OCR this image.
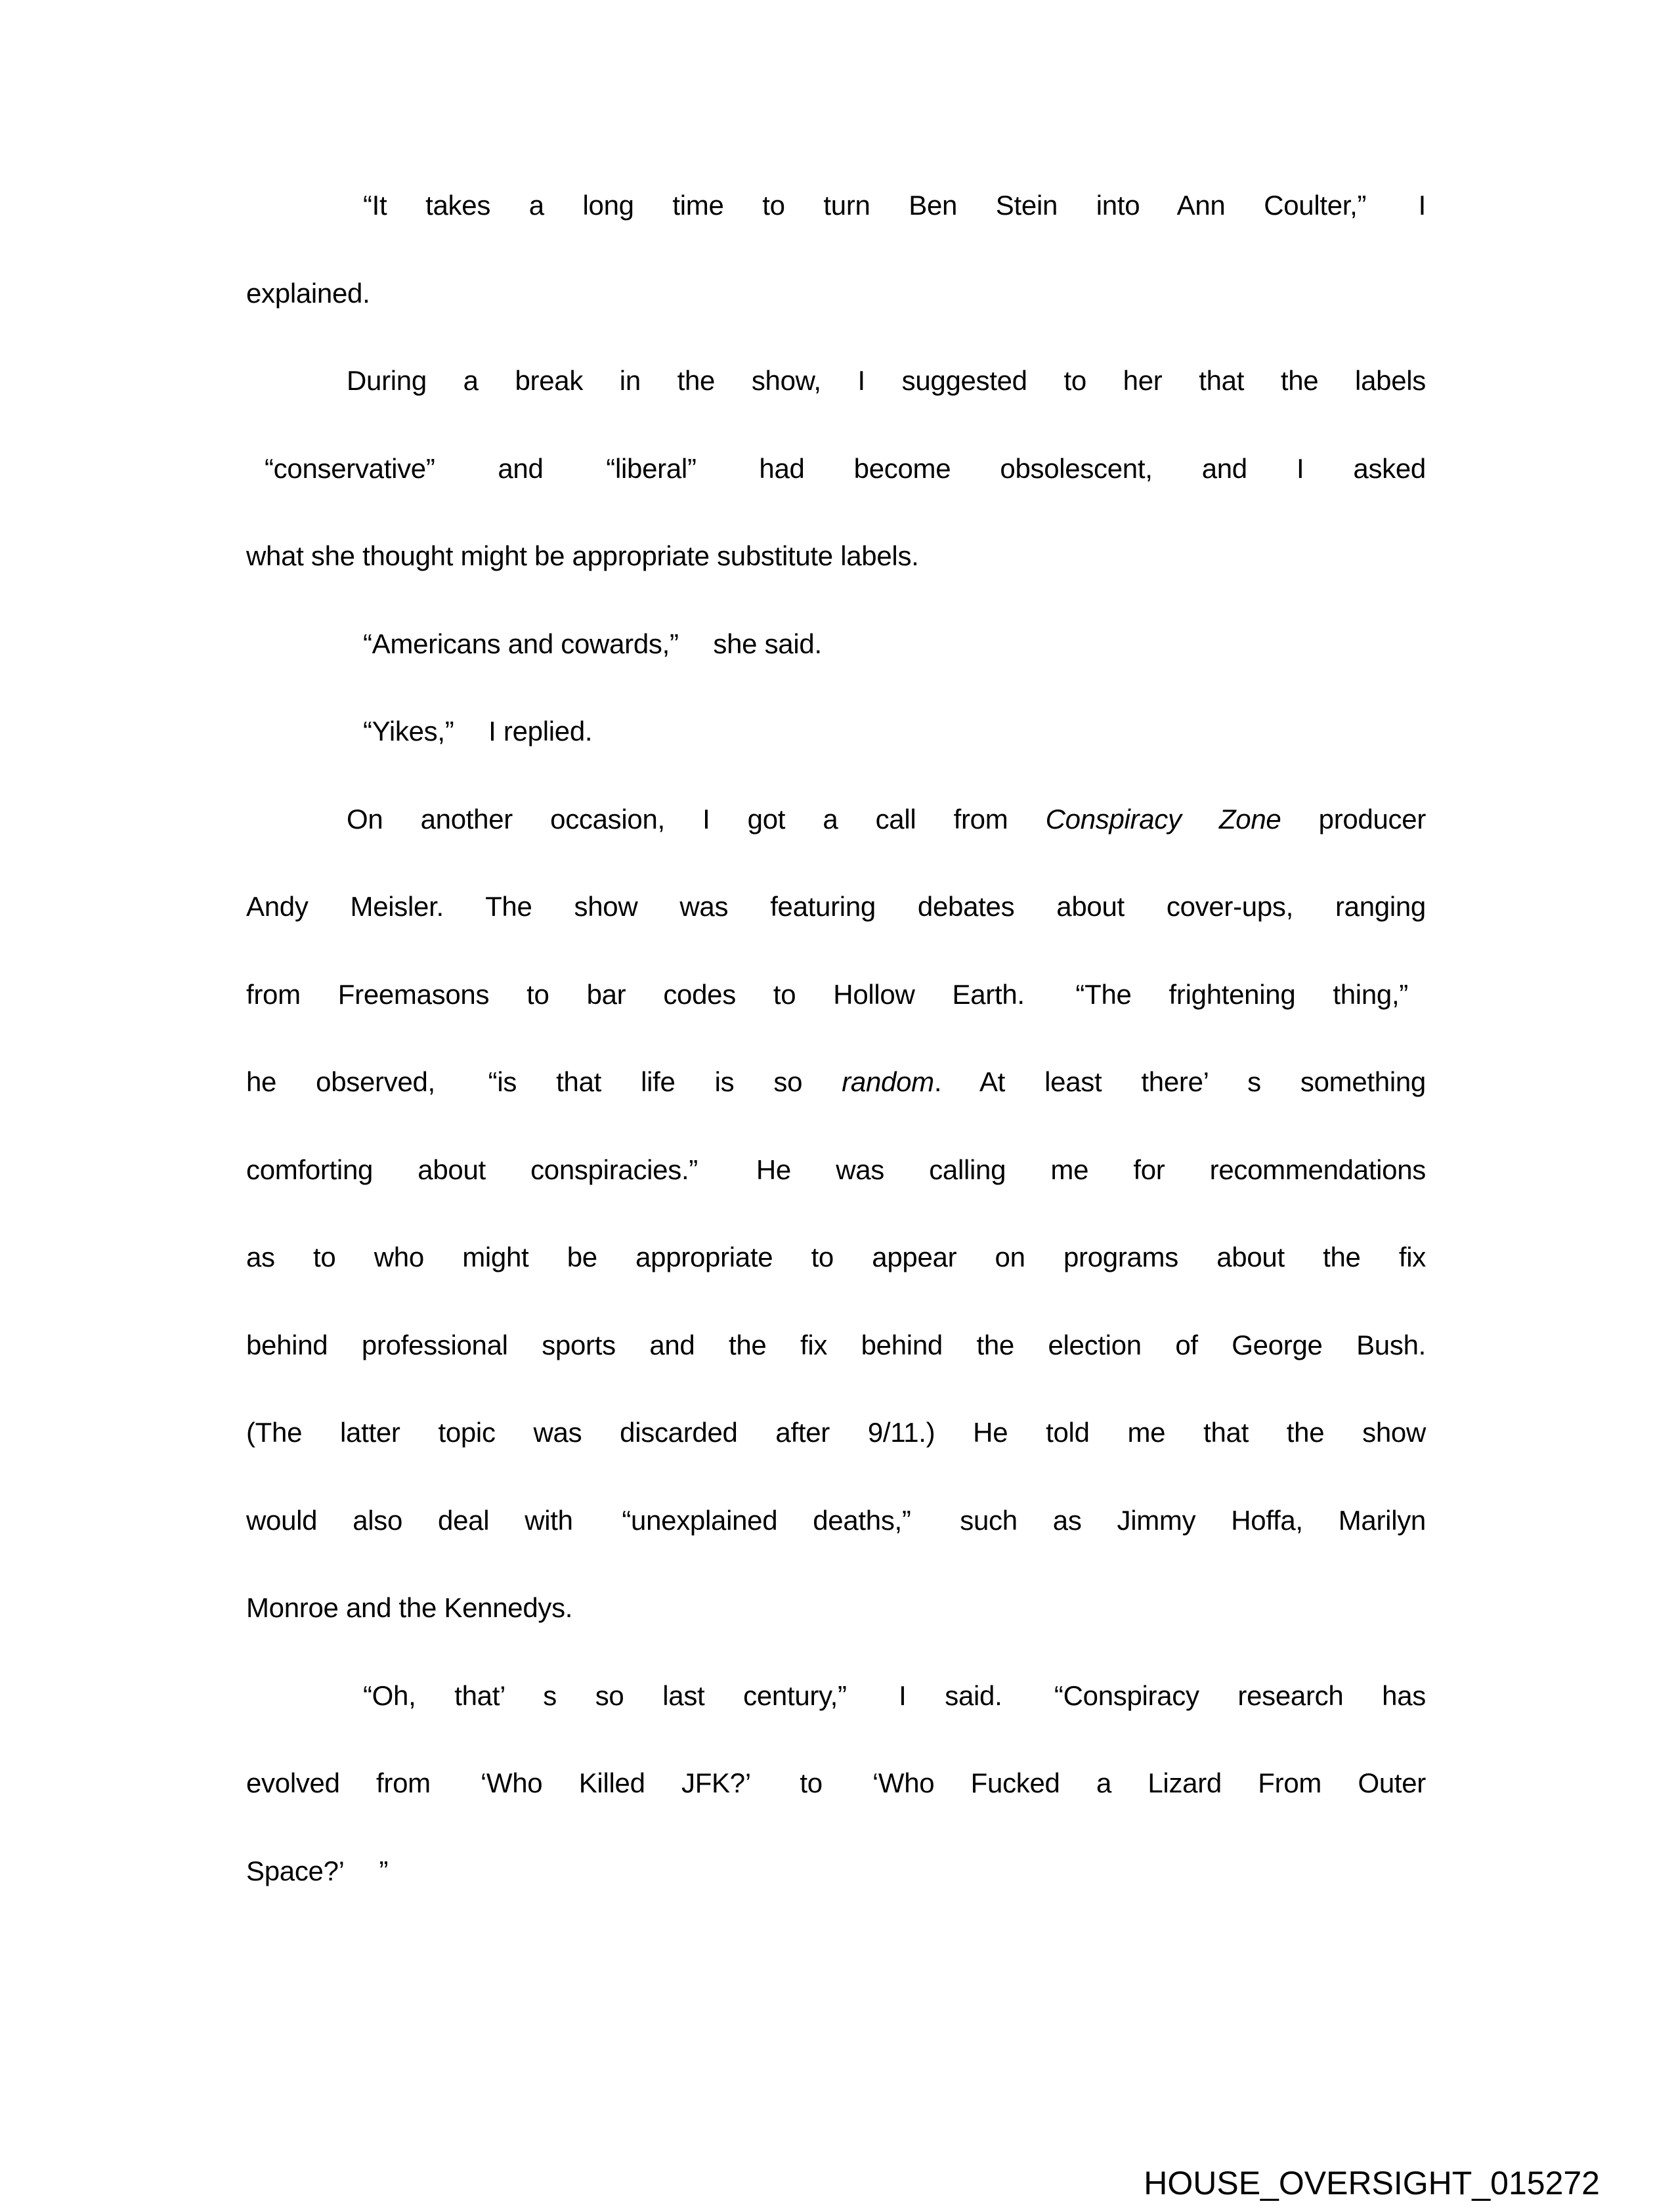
“It takes a long time to turn Ben Stein into Ann Coulter,”  I
explained.
During a break in the show, I suggested to her that the labels
“conservative”  and  “liberal”  had become obsolescent, and I asked
what she thought might be appropriate substitute labels.
“Americans and cowards,”   she said.
“Yikes,”   I replied.
On another occasion, I got a call from Conspiracy Zone producer
Andy Meisler. The show was featuring debates about cover-ups, ranging
from Freemasons to bar codes to Hollow Earth.  “The frightening thing,”
he observed,  “is that life is so random. At least there’ s something
comforting about conspiracies.”  He was calling me for recommendations
as to who might be appropriate to appear on programs about the fix
behind professional sports and the fix behind the election of George Bush.
(The latter topic was discarded after 9/11.) He told me that the show
would also deal with  “unexplained deaths,”  such as Jimmy Hoffa, Marilyn
Monroe and the Kennedys.
“Oh, that’ s so last century,”  I said.  “Conspiracy research has
evolved from  ‘Who Killed JFK?’  to  ‘Who Fucked a Lizard From Outer
Space?’   ”
HOUSE_OVERSIGHT_015272
